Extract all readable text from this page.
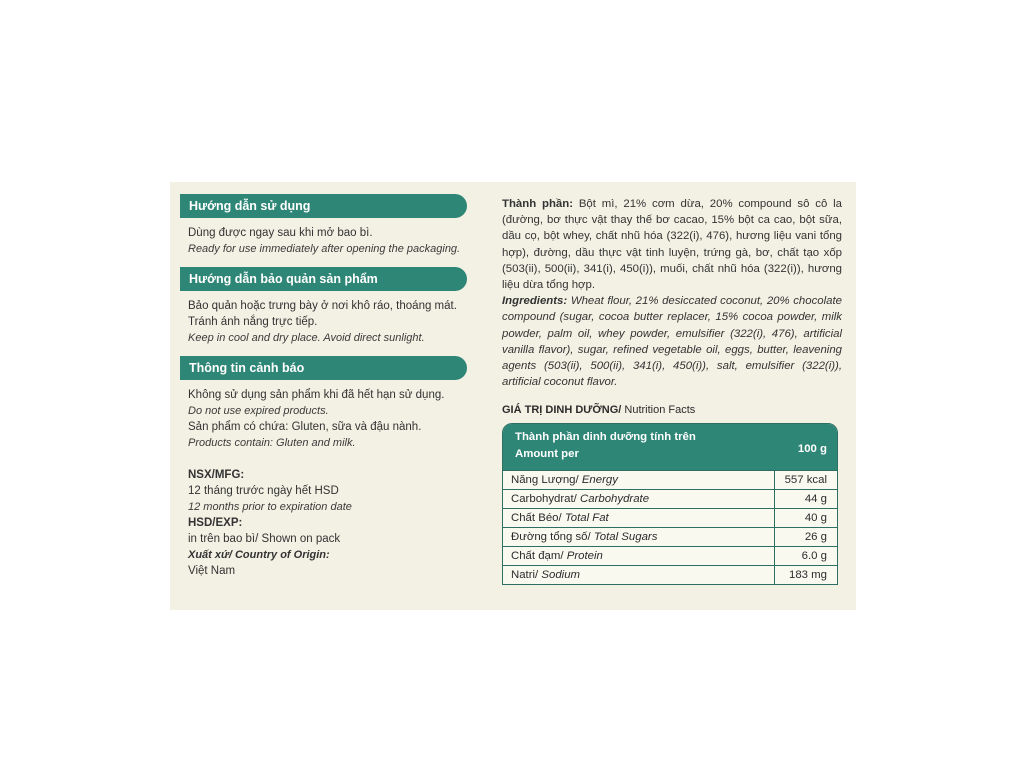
Hướng dẫn sử dụng
Dùng được ngay sau khi mở bao bì.
Ready for use immediately after opening the packaging.
Hướng dẫn bảo quản sản phẩm
Bảo quản hoặc trưng bày ở nơi khô ráo, thoáng mát.
Tránh ánh nắng trực tiếp.
Keep in cool and dry place. Avoid direct sunlight.
Thông tin cảnh báo
Không sử dụng sản phẩm khi đã hết hạn sử dụng.
Do not use expired products.
Sản phẩm có chứa: Gluten, sữa và đậu nành.
Products contain: Gluten and milk.
NSX/MFG:
12 tháng trước ngày hết HSD
12 months prior to expiration date
HSD/EXP:
in trên bao bì/ Shown on pack
Xuất xứ/ Country of Origin:
Việt Nam
Thành phần: Bột mì, 21% cơm dừa, 20% compound sô cô la (đường, bơ thực vật thay thế bơ cacao, 15% bột ca cao, bột sữa, dầu cọ, bột whey, chất nhũ hóa (322(i), 476), hương liệu vani tổng hợp), đường, dầu thực vật tinh luyện, trứng gà, bơ, chất tạo xốp (503(ii), 500(ii), 341(i), 450(i)), muối, chất nhũ hóa (322(i)), hương liệu dừa tổng hợp.
Ingredients: Wheat flour, 21% desiccated coconut, 20% chocolate compound (sugar, cocoa butter replacer, 15% cocoa powder, milk powder, palm oil, whey powder, emulsifier (322(i), 476), artificial vanilla flavor), sugar, refined vegetable oil, eggs, butter, leavening agents (503(ii), 500(ii), 341(i), 450(i)), salt, emulsifier (322(i)), artificial coconut flavor.
GIÁ TRỊ DINH DƯỠNG/ Nutrition Facts
Thành phần dinh dưỡng tính trên
Amount per	100 g
Năng Lượng/ Energy	557 kcal
Carbohydrat/ Carbohydrate	44 g
Chất Béo/ Total Fat	40 g
Đường tổng số/ Total Sugars	26 g
Chất đạm/ Protein	6.0 g
Natri/ Sodium	183 mg
